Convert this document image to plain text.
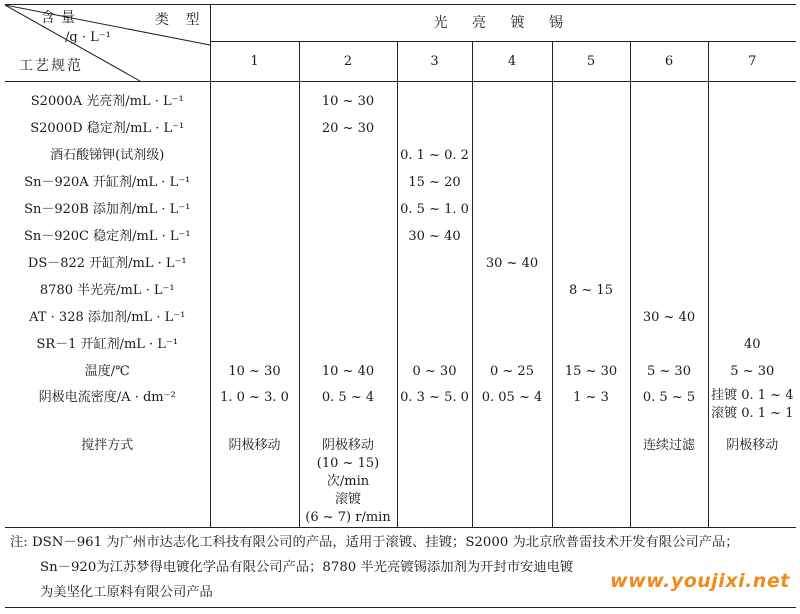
含量 类 型
/g · L⁻¹
工艺规范	光 亮 镀 锡						
	1	2	3	4	5	6	7
S2000A 光亮剂/mL · L⁻¹		10 ~ 30					
S2000D 稳定剂/mL · L⁻¹		20 ~ 30					
酒石酸锑钾(试剂级)			0. 1 ~ 0. 2				
Sn－920A 开缸剂/mL · L⁻¹			15 ~ 20				
Sn－920B 添加剂/mL · L⁻¹			0. 5 ~ 1. 0				
Sn－920C 稳定剂/mL · L⁻¹			30 ~ 40				
DS－822 开缸剂/mL · L⁻¹				30 ~ 40			
8780 半光亮/mL · L⁻¹					8 ~ 15		
AT · 328 添加剂/mL · L⁻¹						30 ~ 40	
SR－1 开缸剂/mL · L⁻¹							40
温度/℃	10 ~ 30	10 ~ 40	0 ~ 30	0 ~ 25	15 ~ 30	5 ~ 30	5 ~ 30
阴极电流密度/A · dm⁻²	1. 0 ~ 3. 0	0. 5 ~ 4	0. 3 ~ 5. 0	0. 05 ~ 4	1 ~ 3	0. 5 ~ 5	挂镀 0. 1 ~ 4
滚镀 0. 1 ~ 1

搅拌方式	阴极移动	阴极移动
(10 ~ 15)次/min
滚镀
(6 ~ 7) r/min				连续过滤	阴极移动
注: DSN－961 为广州市达志化工科技有限公司的产品，适用于滚镀、挂镀；S2000 为北京欣普雷技术开发有限公司产品；
Sn－920为江苏梦得电镀化学品有限公司产品；8780 半光亮镀锡添加剂为开封市安迪电镀
为美坚化工原料有限公司产品
www.youjixi.net
